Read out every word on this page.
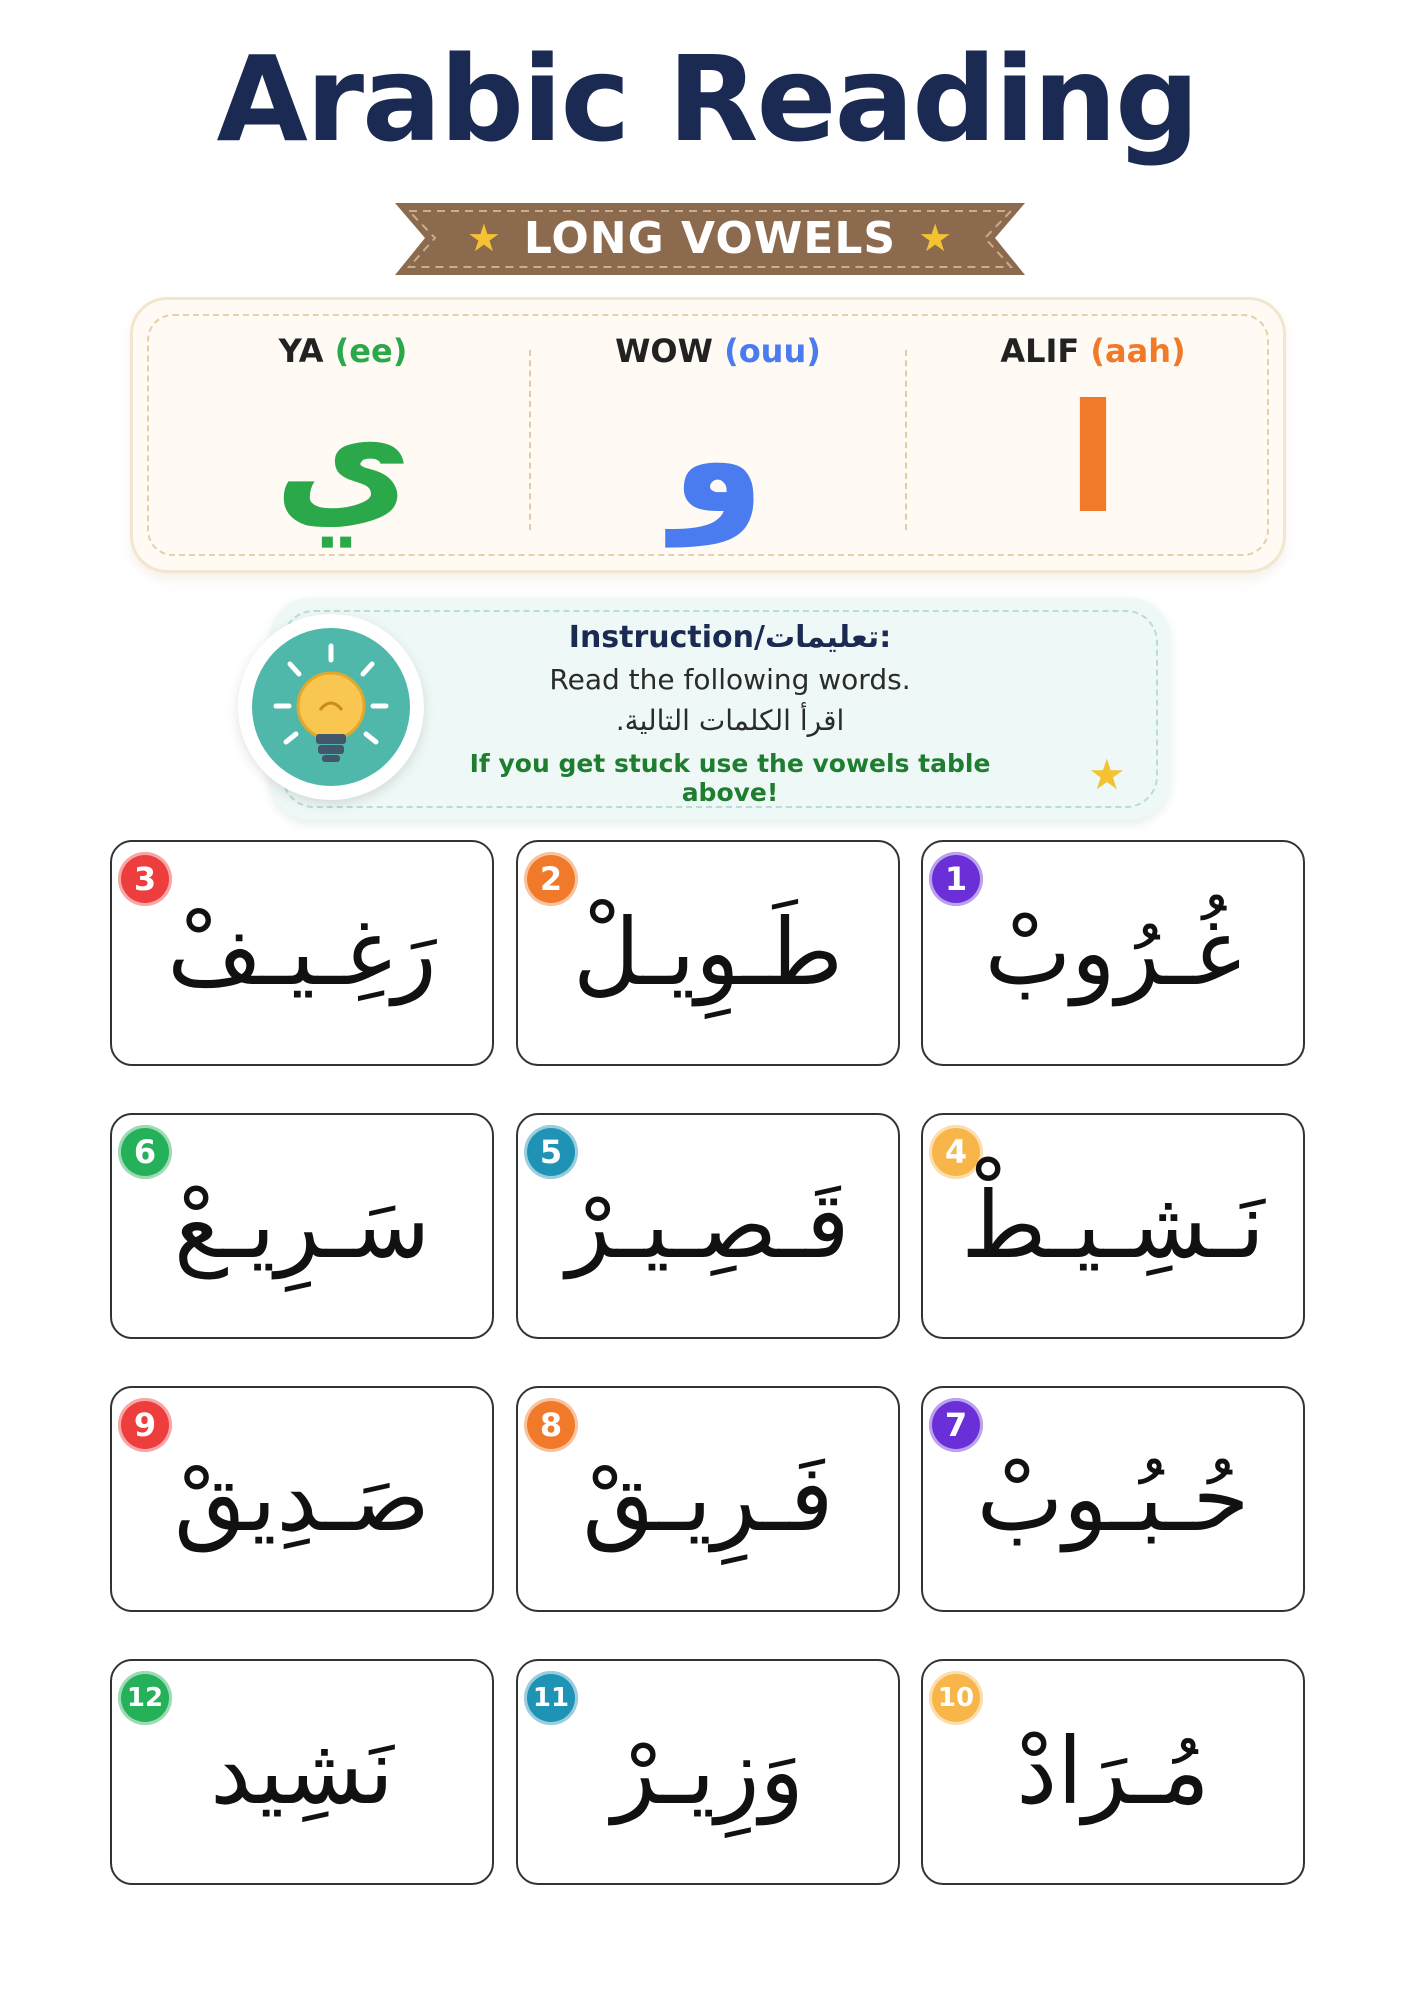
Arabic Reading
★ LONG VOWELS ★
YA (ee)
ي
WOW (ouu)
و
ALIF (aah)
ا
Instruction/تعليمات:
Read the following words.
اقرأ الكلمات التالية.
If you get stuck use the vowels table above!	★
3
رَغِـيـفْ
2
طَـوِيـلْ
1
غُـرُوبْ
6
سَـرِيـعْ
5
قَـصِـيـرْ
4
نَـشِـيـطْ
9
صَـدِيقْ
8
فَـرِيـقْ
7
حُـبُـوبْ
12
نَشِيد
11
وَزِيـرْ
10
مُـرَادْ
